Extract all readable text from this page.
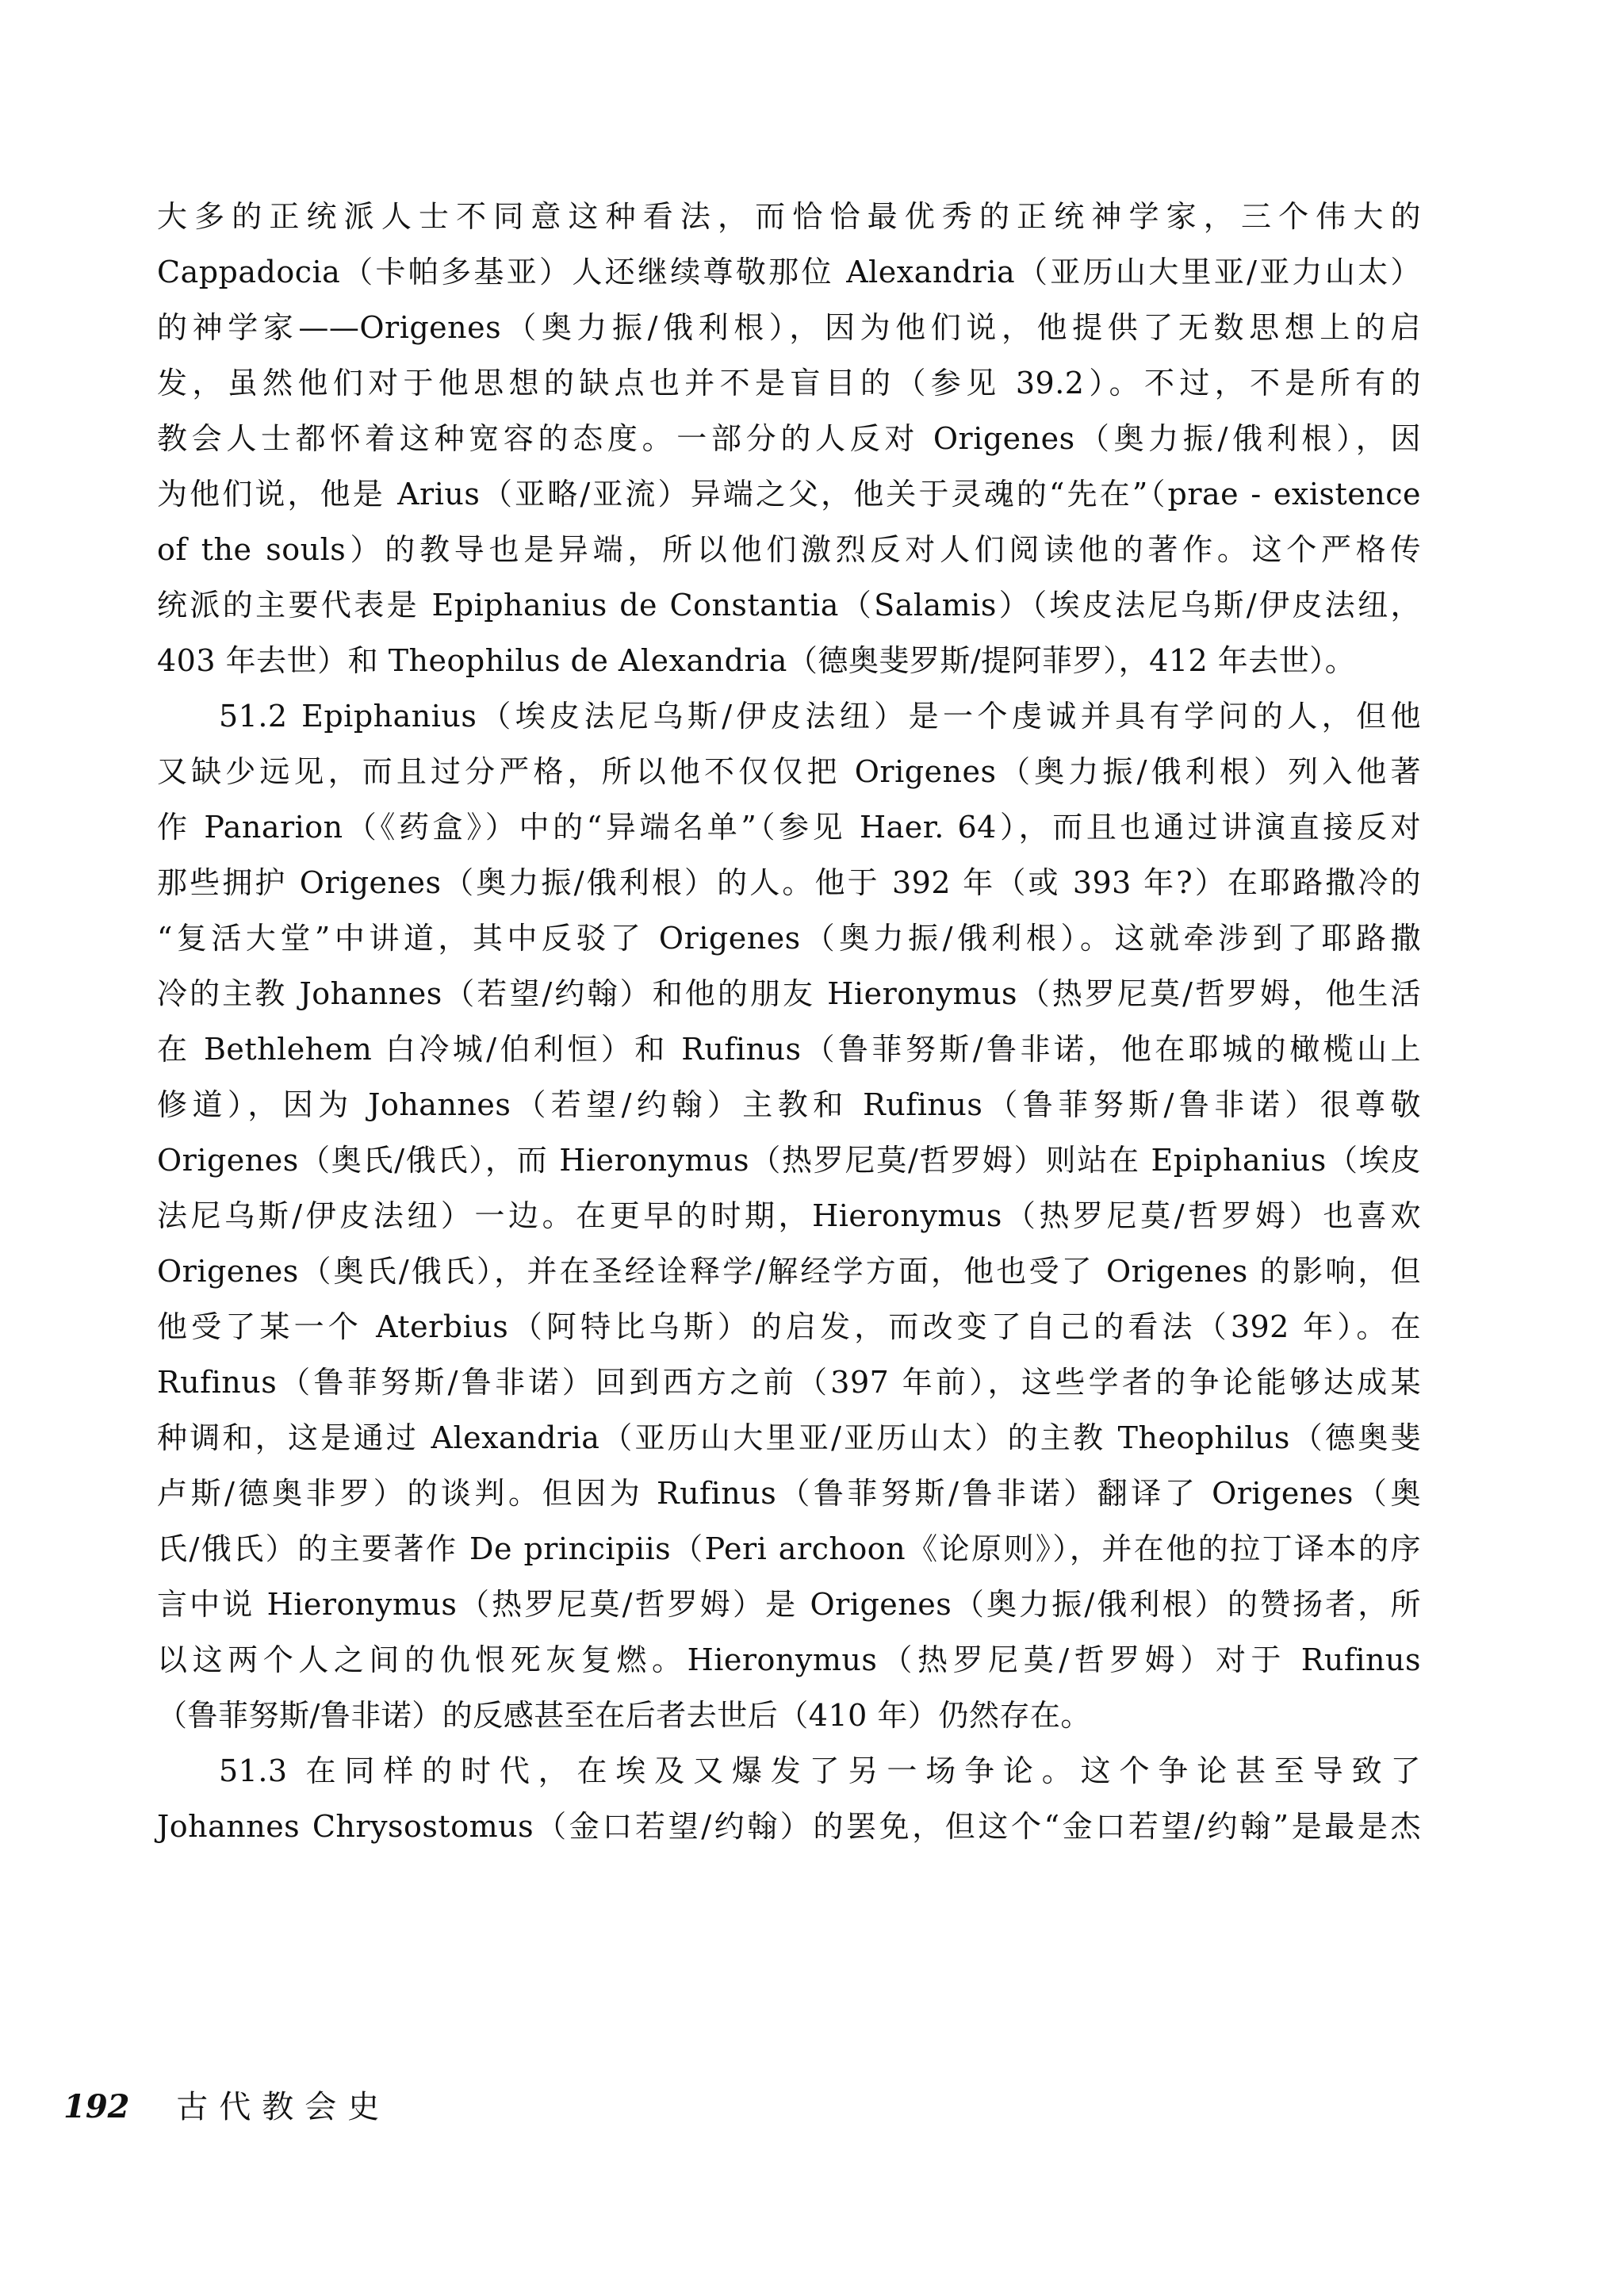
大多的正统派人士不同意这种看法，而恰恰最优秀的正统神学家，三个伟大的
Cappadocia（卡帕多基亚）人还继续尊敬那位 Alexandria（亚历山大里亚/亚力山太）
的神学家——Origenes（奥力振/俄利根），因为他们说，他提供了无数思想上的启
发，虽然他们对于他思想的缺点也并不是盲目的（参见 39.2）。不过，不是所有的
教会人士都怀着这种宽容的态度。一部分的人反对 Origenes（奥力振/俄利根），因
为他们说，他是 Arius（亚略/亚流）异端之父，他关于灵魂的“先在”（prae - existence
of the souls）的教导也是异端，所以他们激烈反对人们阅读他的著作。这个严格传
统派的主要代表是 Epiphanius de Constantia（Salamis）（埃皮法尼乌斯/伊皮法纽，
403 年去世）和 Theophilus de Alexandria（德奥斐罗斯/提阿菲罗），412 年去世）。
51.2 Epiphanius（埃皮法尼乌斯/伊皮法纽）是一个虔诚并具有学问的人，但他
又缺少远见，而且过分严格，所以他不仅仅把 Origenes（奥力振/俄利根）列入他著
作 Panarion（《药盒》）中的“异端名单”（参见 Haer. 64），而且也通过讲演直接反对
那些拥护 Origenes（奥力振/俄利根）的人。他于 392 年（或 393 年?）在耶路撒冷的
“复活大堂”中讲道，其中反驳了 Origenes（奥力振/俄利根）。这就牵涉到了耶路撒
冷的主教 Johannes（若望/约翰）和他的朋友 Hieronymus（热罗尼莫/哲罗姆，他生活
在 Bethlehem 白冷城/伯利恒）和 Rufinus（鲁菲努斯/鲁非诺，他在耶城的橄榄山上
修道），因为 Johannes（若望/约翰）主教和 Rufinus（鲁菲努斯/鲁非诺）很尊敬
Origenes（奥氏/俄氏），而 Hieronymus（热罗尼莫/哲罗姆）则站在 Epiphanius（埃皮
法尼乌斯/伊皮法纽）一边。在更早的时期，Hieronymus（热罗尼莫/哲罗姆）也喜欢
Origenes（奥氏/俄氏），并在圣经诠释学/解经学方面，他也受了 Origenes 的影响，但
他受了某一个 Aterbius（阿特比乌斯）的启发，而改变了自己的看法（392 年）。在
Rufinus（鲁菲努斯/鲁非诺）回到西方之前（397 年前），这些学者的争论能够达成某
种调和，这是通过 Alexandria（亚历山大里亚/亚历山太）的主教 Theophilus（德奥斐
卢斯/德奥非罗）的谈判。但因为 Rufinus（鲁菲努斯/鲁非诺）翻译了 Origenes（奥
氏/俄氏）的主要著作 De principiis（Peri archoon《论原则》），并在他的拉丁译本的序
言中说 Hieronymus（热罗尼莫/哲罗姆）是 Origenes（奥力振/俄利根）的赞扬者，所
以这两个人之间的仇恨死灰复燃。Hieronymus（热罗尼莫/哲罗姆）对于 Rufinus
（鲁菲努斯/鲁非诺）的反感甚至在后者去世后（410 年）仍然存在。
51.3 在同样的时代，在埃及又爆发了另一场争论。这个争论甚至导致了
Johannes Chrysostomus（金口若望/约翰）的罢免，但这个“金口若望/约翰”是最是杰
192 古代教会史
